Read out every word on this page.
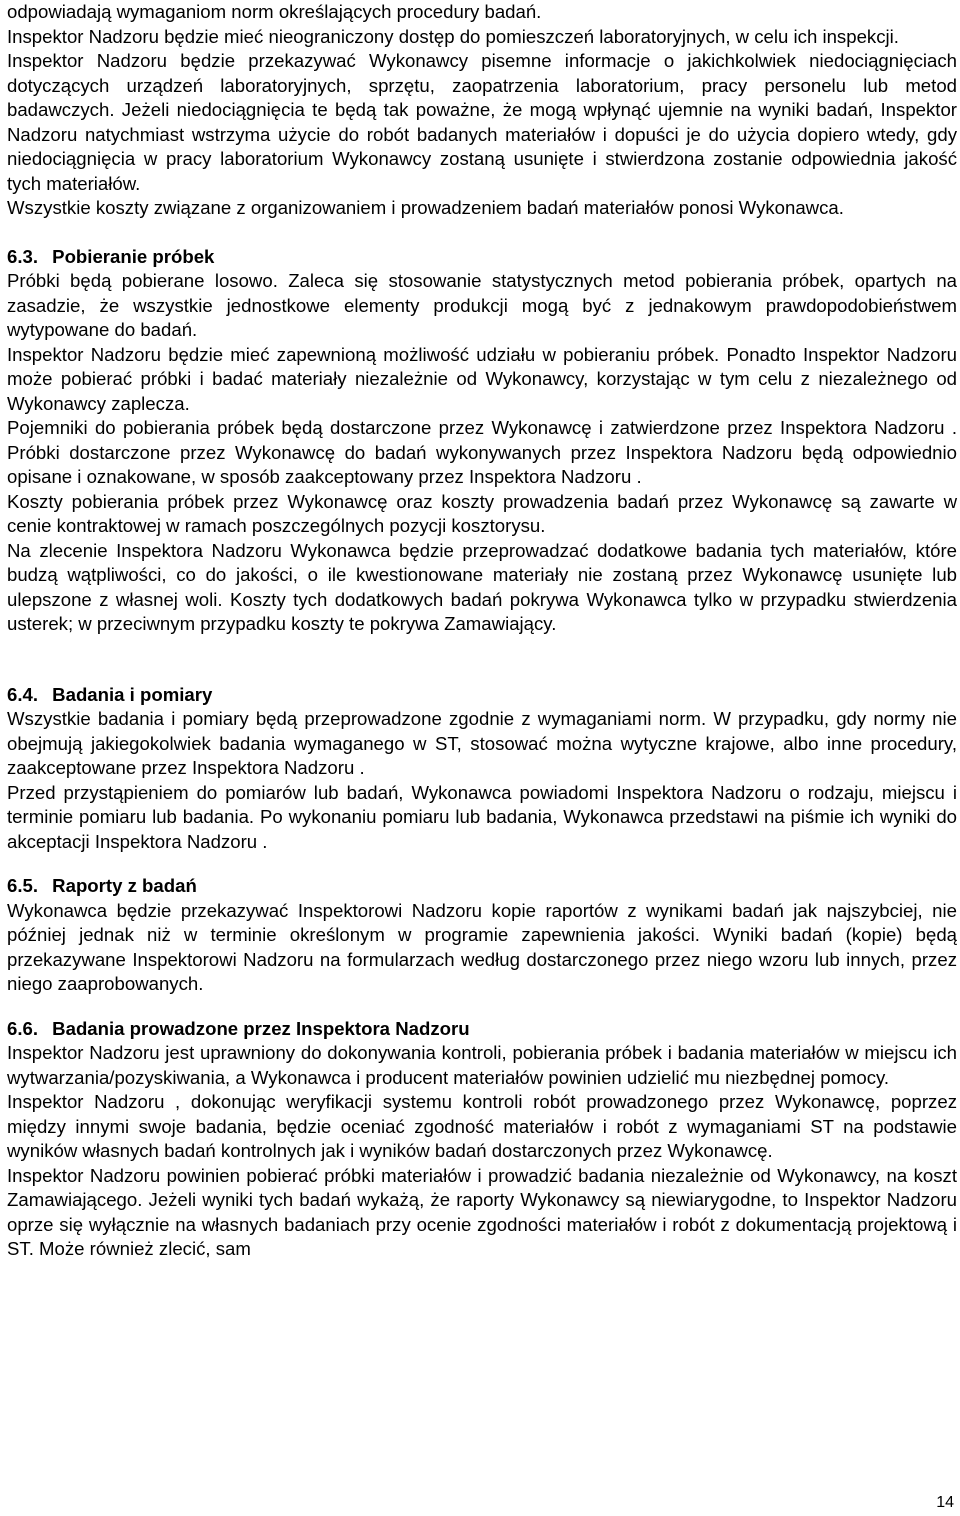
odpowiadają wymaganiom norm określających procedury badań.

Inspektor Nadzoru będzie mieć nieograniczony dostęp do pomieszczeń laboratoryjnych, w celu ich inspekcji.

Inspektor Nadzoru będzie przekazywać Wykonawcy pisemne informacje o jakichkolwiek niedociągnięciach dotyczących urządzeń laboratoryjnych, sprzętu, zaopatrzenia laboratorium, pracy personelu lub metod badawczych. Jeżeli niedociągnięcia te będą tak poważne, że mogą wpłynąć ujemnie na wyniki badań, Inspektor Nadzoru natychmiast wstrzyma użycie do robót badanych materiałów i dopuści je do użycia dopiero wtedy, gdy niedociągnięcia w pracy laboratorium Wykonawcy zostaną usunięte i stwierdzona zostanie odpowiednia jakość tych materiałów.

Wszystkie koszty związane z organizowaniem i prowadzeniem badań materiałów ponosi Wykonawca.

6.3. Pobieranie próbek

Próbki będą pobierane losowo. Zaleca się stosowanie statystycznych metod pobierania próbek, opartych na zasadzie, że wszystkie jednostkowe elementy produkcji mogą być z jednakowym prawdopodobieństwem wytypowane do badań.

Inspektor Nadzoru będzie mieć zapewnioną możliwość udziału w pobieraniu próbek. Ponadto Inspektor Nadzoru może pobierać próbki i badać materiały niezależnie od Wykonawcy, korzystając w tym celu z niezależnego od Wykonawcy zaplecza.

Pojemniki do pobierania próbek będą dostarczone przez Wykonawcę i zatwierdzone przez Inspektora Nadzoru . Próbki dostarczone przez Wykonawcę do badań wykonywanych przez Inspektora Nadzoru będą odpowiednio opisane i oznakowane, w sposób zaakceptowany przez Inspektora Nadzoru .

Koszty pobierania próbek przez Wykonawcę oraz koszty prowadzenia badań przez Wykonawcę są zawarte w cenie kontraktowej w ramach poszczególnych pozycji kosztorysu.

Na zlecenie Inspektora Nadzoru Wykonawca będzie przeprowadzać dodatkowe badania tych materiałów, które budzą wątpliwości, co do jakości, o ile kwestionowane materiały nie zostaną przez Wykonawcę usunięte lub ulepszone z własnej woli. Koszty tych dodatkowych badań pokrywa Wykonawca tylko w przypadku stwierdzenia usterek; w przeciwnym przypadku koszty te pokrywa Zamawiający.

6.4. Badania i pomiary

Wszystkie badania i pomiary będą przeprowadzone zgodnie z wymaganiami norm. W przypadku, gdy normy nie obejmują jakiegokolwiek badania wymaganego w ST, stosować można wytyczne krajowe, albo inne procedury, zaakceptowane przez Inspektora Nadzoru .

Przed przystąpieniem do pomiarów lub badań, Wykonawca powiadomi Inspektora Nadzoru o rodzaju, miejscu i terminie pomiaru lub badania. Po wykonaniu pomiaru lub badania, Wykonawca przedstawi na piśmie ich wyniki do akceptacji Inspektora Nadzoru .

6.5. Raporty z badań

Wykonawca będzie przekazywać Inspektorowi Nadzoru kopie raportów z wynikami badań jak najszybciej, nie później jednak niż w terminie określonym w programie zapewnienia jakości. Wyniki badań (kopie) będą przekazywane Inspektorowi Nadzoru na formularzach według dostarczonego przez niego wzoru lub innych, przez niego zaaprobowanych.

6.6. Badania prowadzone przez Inspektora Nadzoru

Inspektor Nadzoru jest uprawniony do dokonywania kontroli, pobierania próbek i badania materiałów w miejscu ich wytwarzania/pozyskiwania, a Wykonawca i producent materiałów powinien udzielić mu niezbędnej pomocy.

Inspektor Nadzoru , dokonując weryfikacji systemu kontroli robót prowadzonego przez Wykonawcę, poprzez między innymi swoje badania, będzie oceniać zgodność materiałów i robót z wymaganiami ST na podstawie wyników własnych badań kontrolnych jak i wyników badań dostarczonych przez Wykonawcę.

Inspektor Nadzoru powinien pobierać próbki materiałów i prowadzić badania niezależnie od Wykonawcy, na koszt Zamawiającego. Jeżeli wyniki tych badań wykażą, że raporty Wykonawcy są niewiarygodne, to Inspektor Nadzoru oprze się wyłącznie na własnych badaniach przy ocenie zgodności materiałów i robót z dokumentacją projektową i ST. Może również zlecić, sam

14
